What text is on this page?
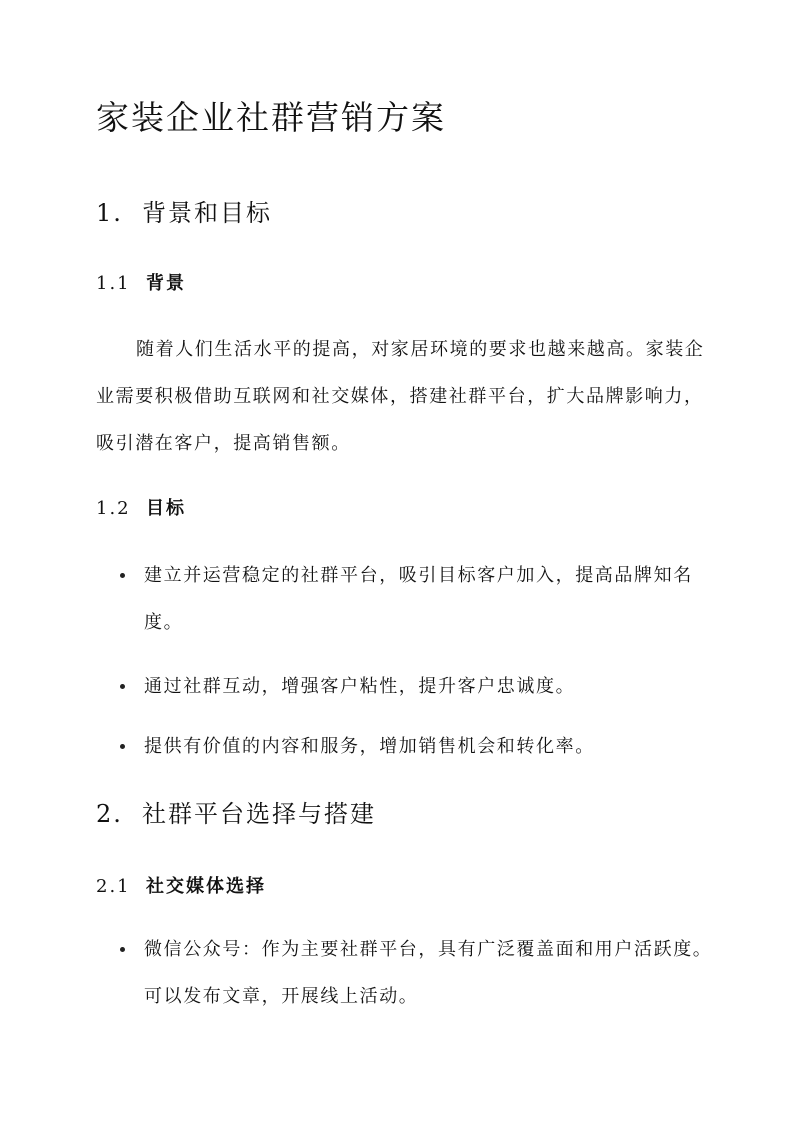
家装企业社群营销方案
1. 背景和目标
1.1 背景

随着人们生活水平的提高，对家居环境的要求也越来越高。家装企业需要积极借助互联网和社交媒体，搭建社群平台，扩大品牌影响力，吸引潜在客户，提高销售额。

1.2 目标
建立并运营稳定的社群平台，吸引目标客户加入，提高品牌知名度。
通过社群互动，增强客户粘性，提升客户忠诚度。
提供有价值的内容和服务，增加销售机会和转化率。
2. 社群平台选择与搭建
2.1 社交媒体选择
微信公众号：作为主要社群平台，具有广泛覆盖面和用户活跃度。可以发布文章，开展线上活动。
